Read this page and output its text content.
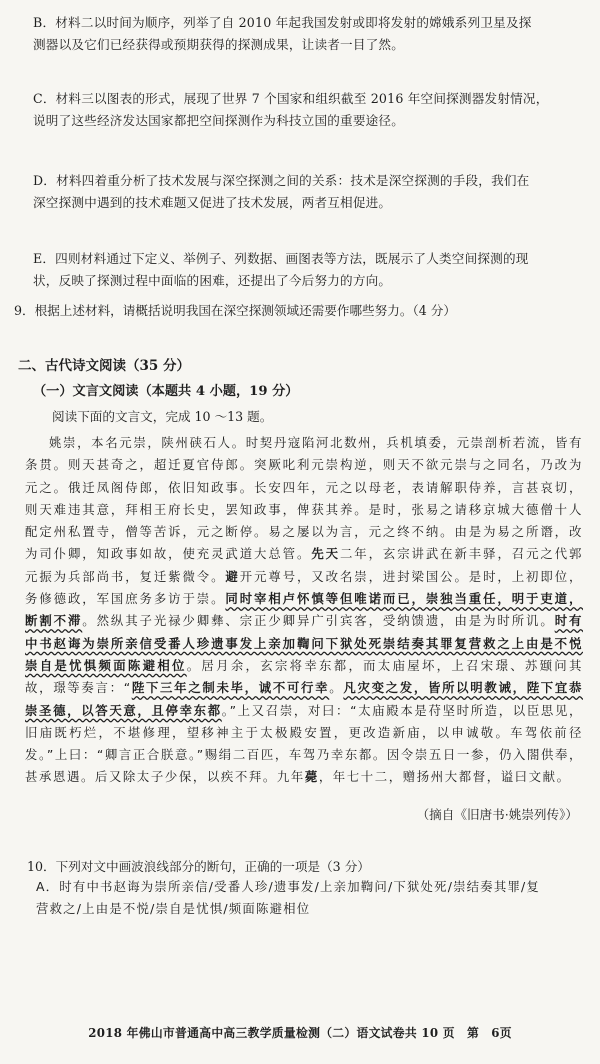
B．材料二以时间为顺序，列举了自 2010 年起我国发射或即将发射的嫦娥系列卫星及探
测器以及它们已经获得或预期获得的探测成果，让读者一目了然。

C．材料三以图表的形式，展现了世界 7 个国家和组织截至 2016 年空间探测器发射情况，
说明了这些经济发达国家都把空间探测作为科技立国的重要途径。

D．材料四着重分析了技术发展与深空探测之间的关系：技术是深空探测的手段，我们在
深空探测中遇到的技术难题又促进了技术发展，两者互相促进。

E．四则材料通过下定义、举例子、列数据、画图表等方法，既展示了人类空间探测的现
状，反映了探测过程中面临的困难，还提出了今后努力的方向。

9．根据上述材料，请概括说明我国在深空探测领域还需要作哪些努力。（4 分）

二、古代诗文阅读（35 分）

（一）文言文阅读（本题共 4 小题，19 分）

阅读下面的文言文，完成 10 ～13 题。

姚崇，本名元崇，陕州硖石人。时契丹寇陷河北数州，兵机填委，元崇剖析若流，皆有条贯。则天甚奇之，超迁夏官侍郎。突厥叱利元崇构逆，则天不欲元崇与之同名，乃改为元之。俄迁凤阁侍郎，依旧知政事。长安四年，元之以母老，表请解职侍养，言甚哀切，则天难违其意，拜相王府长史，罢知政事，俾获其养。是时，张易之请移京城大德僧十人配定州私置寺，僧等苦诉，元之断停。易之屡以为言，元之终不纳。由是为易之所谮，改为司仆卿，知政事如故，使充灵武道大总管。先天二年，玄宗讲武在新丰驿，召元之代郭元振为兵部尚书，复迁紫微令。避开元尊号，又改名崇，进封梁国公。是时，上初即位，务修德政，军国庶务多访于崇。同时宰相卢怀慎等但唯诺而已，崇独当重任，明于吏道，断割不滞。然纵其子光禄少卿彝、宗正少卿异广引宾客，受纳馈遗，由是为时所讥。时有中书赵诲为崇所亲信受番人珍遗事发上亲加鞫问下狱处死崇结奏其罪复营救之上由是不悦崇自是忧惧频面陈避相位。居月余，玄宗将幸东都，而太庙屋坏，上召宋璟、苏颋问其故，璟等奏言：“陛下三年之制未毕，诚不可行幸。凡灾变之发，皆所以明教诫，陛下宜恭崇圣德，以答天意，且停幸东都。”上又召崇，对曰：“太庙殿本是苻坚时所造，以臣思见，旧庙既朽烂，不堪修理，望移神主于太极殿安置，更改造新庙，以申诚敬。车驾依前径发。”上曰：“卿言正合朕意。”赐绢二百匹，车驾乃幸东都。因令崇五日一参，仍入閤供奉，甚承恩遇。后又除太子少保，以疾不拜。九年薨，年七十二，赠扬州大都督，谥曰文献。

（摘自《旧唐书·姚崇列传》）

10．下列对文中画波浪线部分的断句，正确的一项是（3 分）

A．时有中书赵诲为崇所亲信/受番人珍/遗事发/上亲加鞫问/下狱处死/崇结奏其罪/复
营救之/上由是不悦/崇自是忧惧/频面陈避相位

2018 年佛山市普通高中高三教学质量检测（二）语文试卷共 10 页　第　6页
